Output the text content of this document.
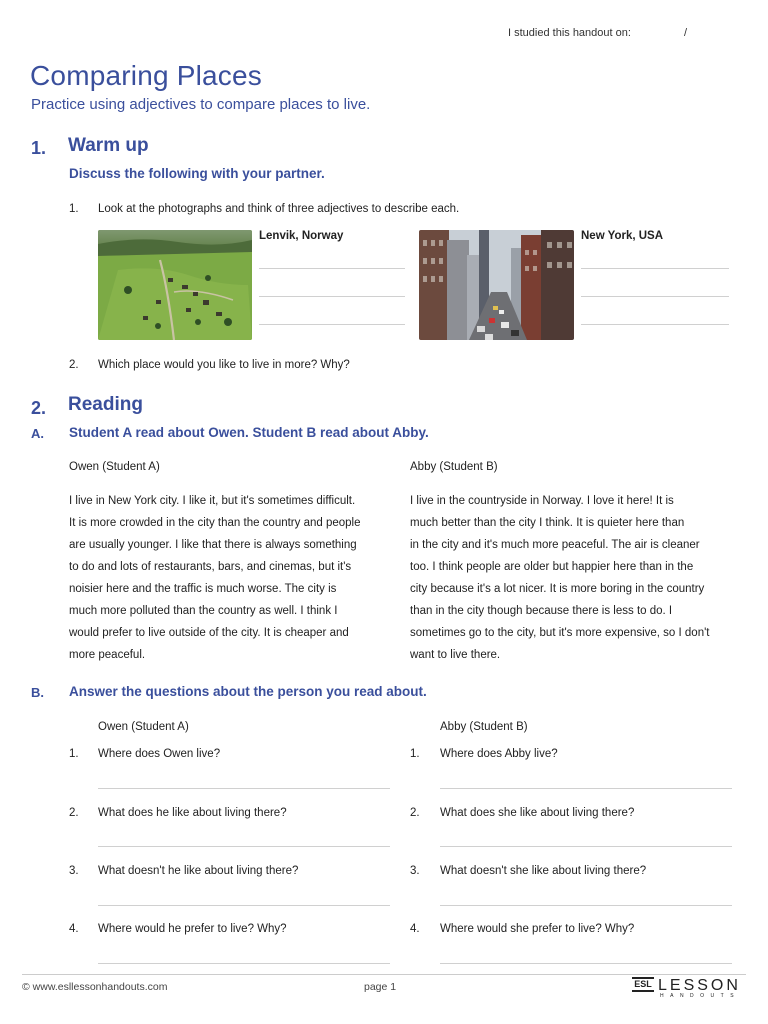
I studied this handout on:	/
Comparing Places
Practice using adjectives to compare places to live.
1. Warm up
Discuss the following with your partner.
1. Look at the photographs and think of three adjectives to describe each.
Lenvik, Norway	New York, USA
2. Which place would you like to live in more? Why?
2. Reading
A. Student A read about Owen. Student B read about Abby.
Owen (Student A)	Abby (Student B)
I live in New York city. I like it, but it's sometimes difficult.
It is more crowded in the city than the country and people
are usually younger. I like that there is always something
to do and lots of restaurants, bars, and cinemas, but it's
noisier here and the traffic is much worse. The city is
much more polluted than the country as well. I think I
would prefer to live outside of the city. It is cheaper and
more peaceful.
I live in the countryside in Norway. I love it here! It is
much better than the city I think. It is quieter here than
in the city and it's much more peaceful. The air is cleaner
too. I think people are older but happier here than in the
city because it's a lot nicer. It is more boring in the country
than in the city though because there is less to do. I
sometimes go to the city, but it's more expensive, so I don't
want to live there.
B. Answer the questions about the person you read about.
Owen (Student A)	Abby (Student B)
1. Where does Owen live?
2. What does he like about living there?
3. What doesn't he like about living there?
4. Where would he prefer to live? Why?
1. Where does Abby live?
2. What does she like about living there?
3. What doesn't she like about living there?
4. Where would she prefer to live? Why?
© www.esllessonhandouts.com	page 1	ESL LESSON
HANDOUTS
